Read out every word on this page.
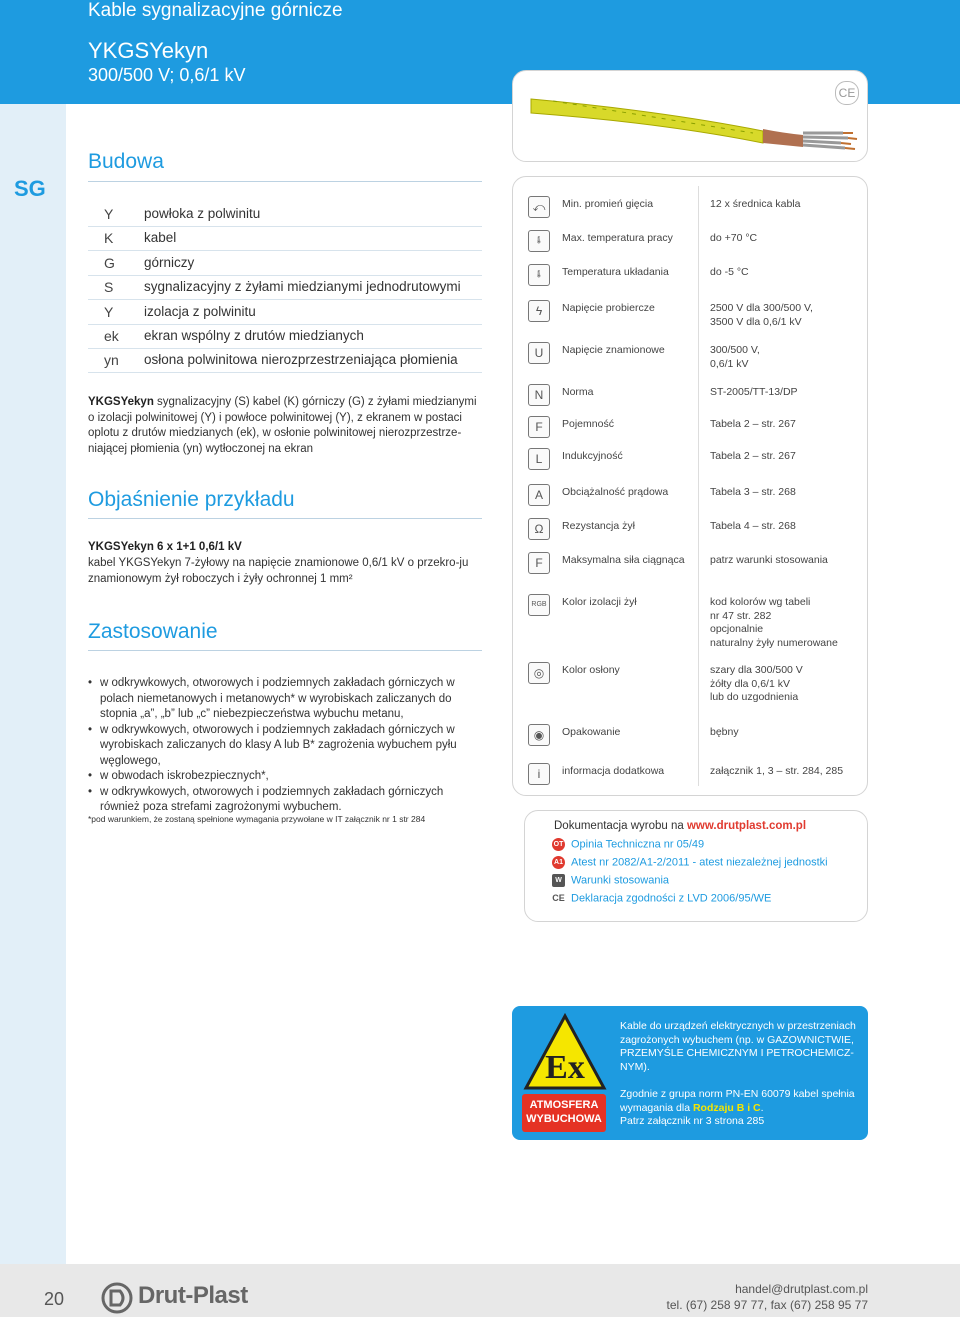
Kable sygnalizacyjne górnicze
YKGSYekyn
300/500 V; 0,6/1 kV
SG
CE
Budowa
Y powłoka z polwinitu
K kabel
G górniczy
S sygnalizacyjny z żyłami miedzianymi jednodrutowymi
Y izolacja z polwinitu
ek ekran wspólny z drutów miedzianych
yn osłona polwinitowa nierozprzestrzeniająca płomienia
YKGSYekyn sygnalizacyjny (S) kabel (K) górniczy (G) z żyłami miedzianymi o izolacji polwinitowej (Y) i powłoce polwinitowej (Y), z ekranem w postaci oplotu z drutów miedzianych (ek), w osłonie polwinitowej nierozprzestrze-niającej płomienia (yn) wytłoczonej na ekran
Objaśnienie przykładu
YKGSYekyn 6 x 1+1 0,6/1 kV
kabel YKGSYekyn 7-żyłowy na napięcie znamionowe 0,6/1 kV o przekro-ju znamionowym żył roboczych i żyły ochronnej 1 mm²
Zastosowanie
• w odkrywkowych, otworowych i podziemnych zakładach górniczych w polach niemetanowych i metanowych* w wyrobiskach zaliczanych do stopnia „a”, „b” lub „c” niebezpieczeństwa wybuchu metanu,
• w odkrywkowych, otworowych i podziemnych zakładach górniczych w wyrobiskach zaliczanych do klasy A lub B* zagrożenia wybuchem pyłu węglowego,
• w obwodach iskrobezpiecznych*,
• w odkrywkowych, otworowych i podziemnych zakładach górniczych również poza strefami zagrożonymi wybuchem.
*pod warunkiem, że zostaną spełnione wymagania przywołane w IT załącznik nr 1 str 284
⤺	Min. promień gięcia	12 x średnica kabla
🌡	Max. temperatura pracy	do +70 °C
🌡	Temperatura układania	do -5 °C
ϟ	Napięcie probiercze	2500 V dla 300/500 V,
3500 V dla 0,6/1 kV
U	Napięcie znamionowe	300/500 V,
0,6/1 kV
N	Norma	ST-2005/TT-13/DP
F	Pojemność	Tabela 2 – str. 267
L	Indukcyjność	Tabela 2 – str. 267
A	Obciążalność prądowa	Tabela 3 – str. 268
Ω	Rezystancja żył	Tabela 4 – str. 268
F	Maksymalna siła ciągnąca	patrz warunki stosowania
RGB	Kolor izolacji żył	kod kolorów wg tabeli
nr 47 str. 282
opcjonalnie
naturalny żyły numerowane
◎	Kolor osłony	szary dla 300/500 V
żółty dla 0,6/1 kV
lub do uzgodnienia
◉	Opakowanie	bębny
i	informacja dodatkowa	załącznik 1, 3 – str. 284, 285
Dokumentacja wyrobu na www.drutplast.com.pl
OT Opinia Techniczna nr 05/49
A1 Atest nr 2082/A1-2/2011 - atest niezależnej jednostki
W Warunki stosowania
CE Deklaracja zgodności z LVD 2006/95/WE
Ex
ATMOSFERA
WYBUCHOWA
Kable do urządzeń elektrycznych w przestrzeniach zagrożonych wybuchem (np. w GAZOWNICTWIE, PRZEMYŚLE CHEMICZNYM I PETROCHEMICZ-NYM).
Zgodnie z grupa norm PN-EN 60079 kabel spełnia wymagania dla Rodzaju B i C.
Patrz załącznik nr 3 strona 285
20	Drut-Plast	handel@drutplast.com.pl
tel. (67) 258 97 77, fax (67) 258 95 77
